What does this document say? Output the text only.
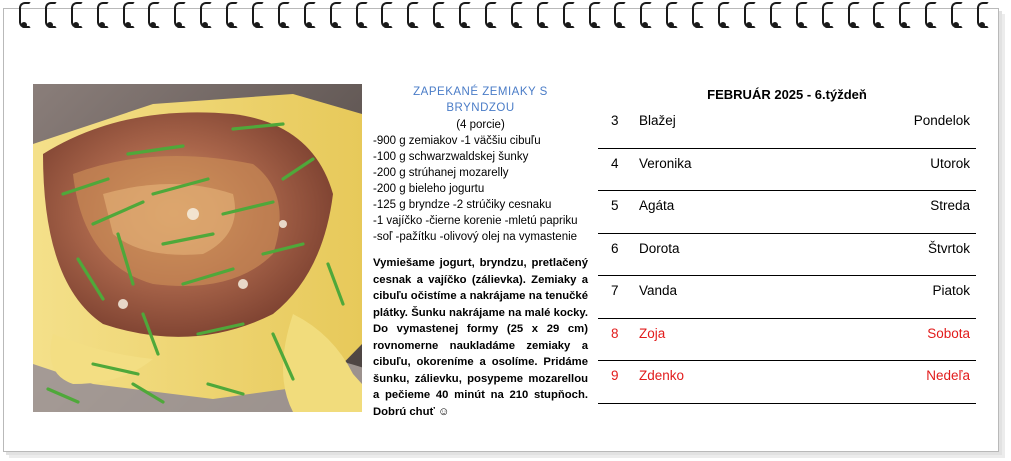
ZAPEKANÉ ZEMIAKY S BRYNDZOU
(4 porcie)
-900 g zemiakov -1 väčšiu cibuľu
-100 g schwarzwaldskej šunky
-200 g strúhanej mozarelly
-200 g bieleho jogurtu
-125 g bryndze -2 strúčiky cesnaku
-1 vajíčko -čierne korenie -mletú papriku
-soľ -pažítku -olivový olej na vymastenie
Vymiešame jogurt, bryndzu, pretlačený cesnak a vajíčko (zálievka). Zemiaky a cibuľu očistíme a nakrájame na tenučké plátky. Šunku nakrájame na malé kocky. Do vymastenej formy (25 x 29 cm) rovnomerne naukladáme zemiaky a cibuľu, okoreníme a osolíme. Pridáme šunku, zálievku, posypeme mozarellou a pečieme 40 minút na 210 stupňoch. Dobrú chuť ☺
FEBRUÁR 2025 - 6.týždeň
3 Blažej	Pondelok
4 Veronika	Utorok
5 Agáta	Streda
6 Dorota	Štvrtok
7 Vanda	Piatok
8 Zoja	Sobota
9 Zdenko	Nedeľa
